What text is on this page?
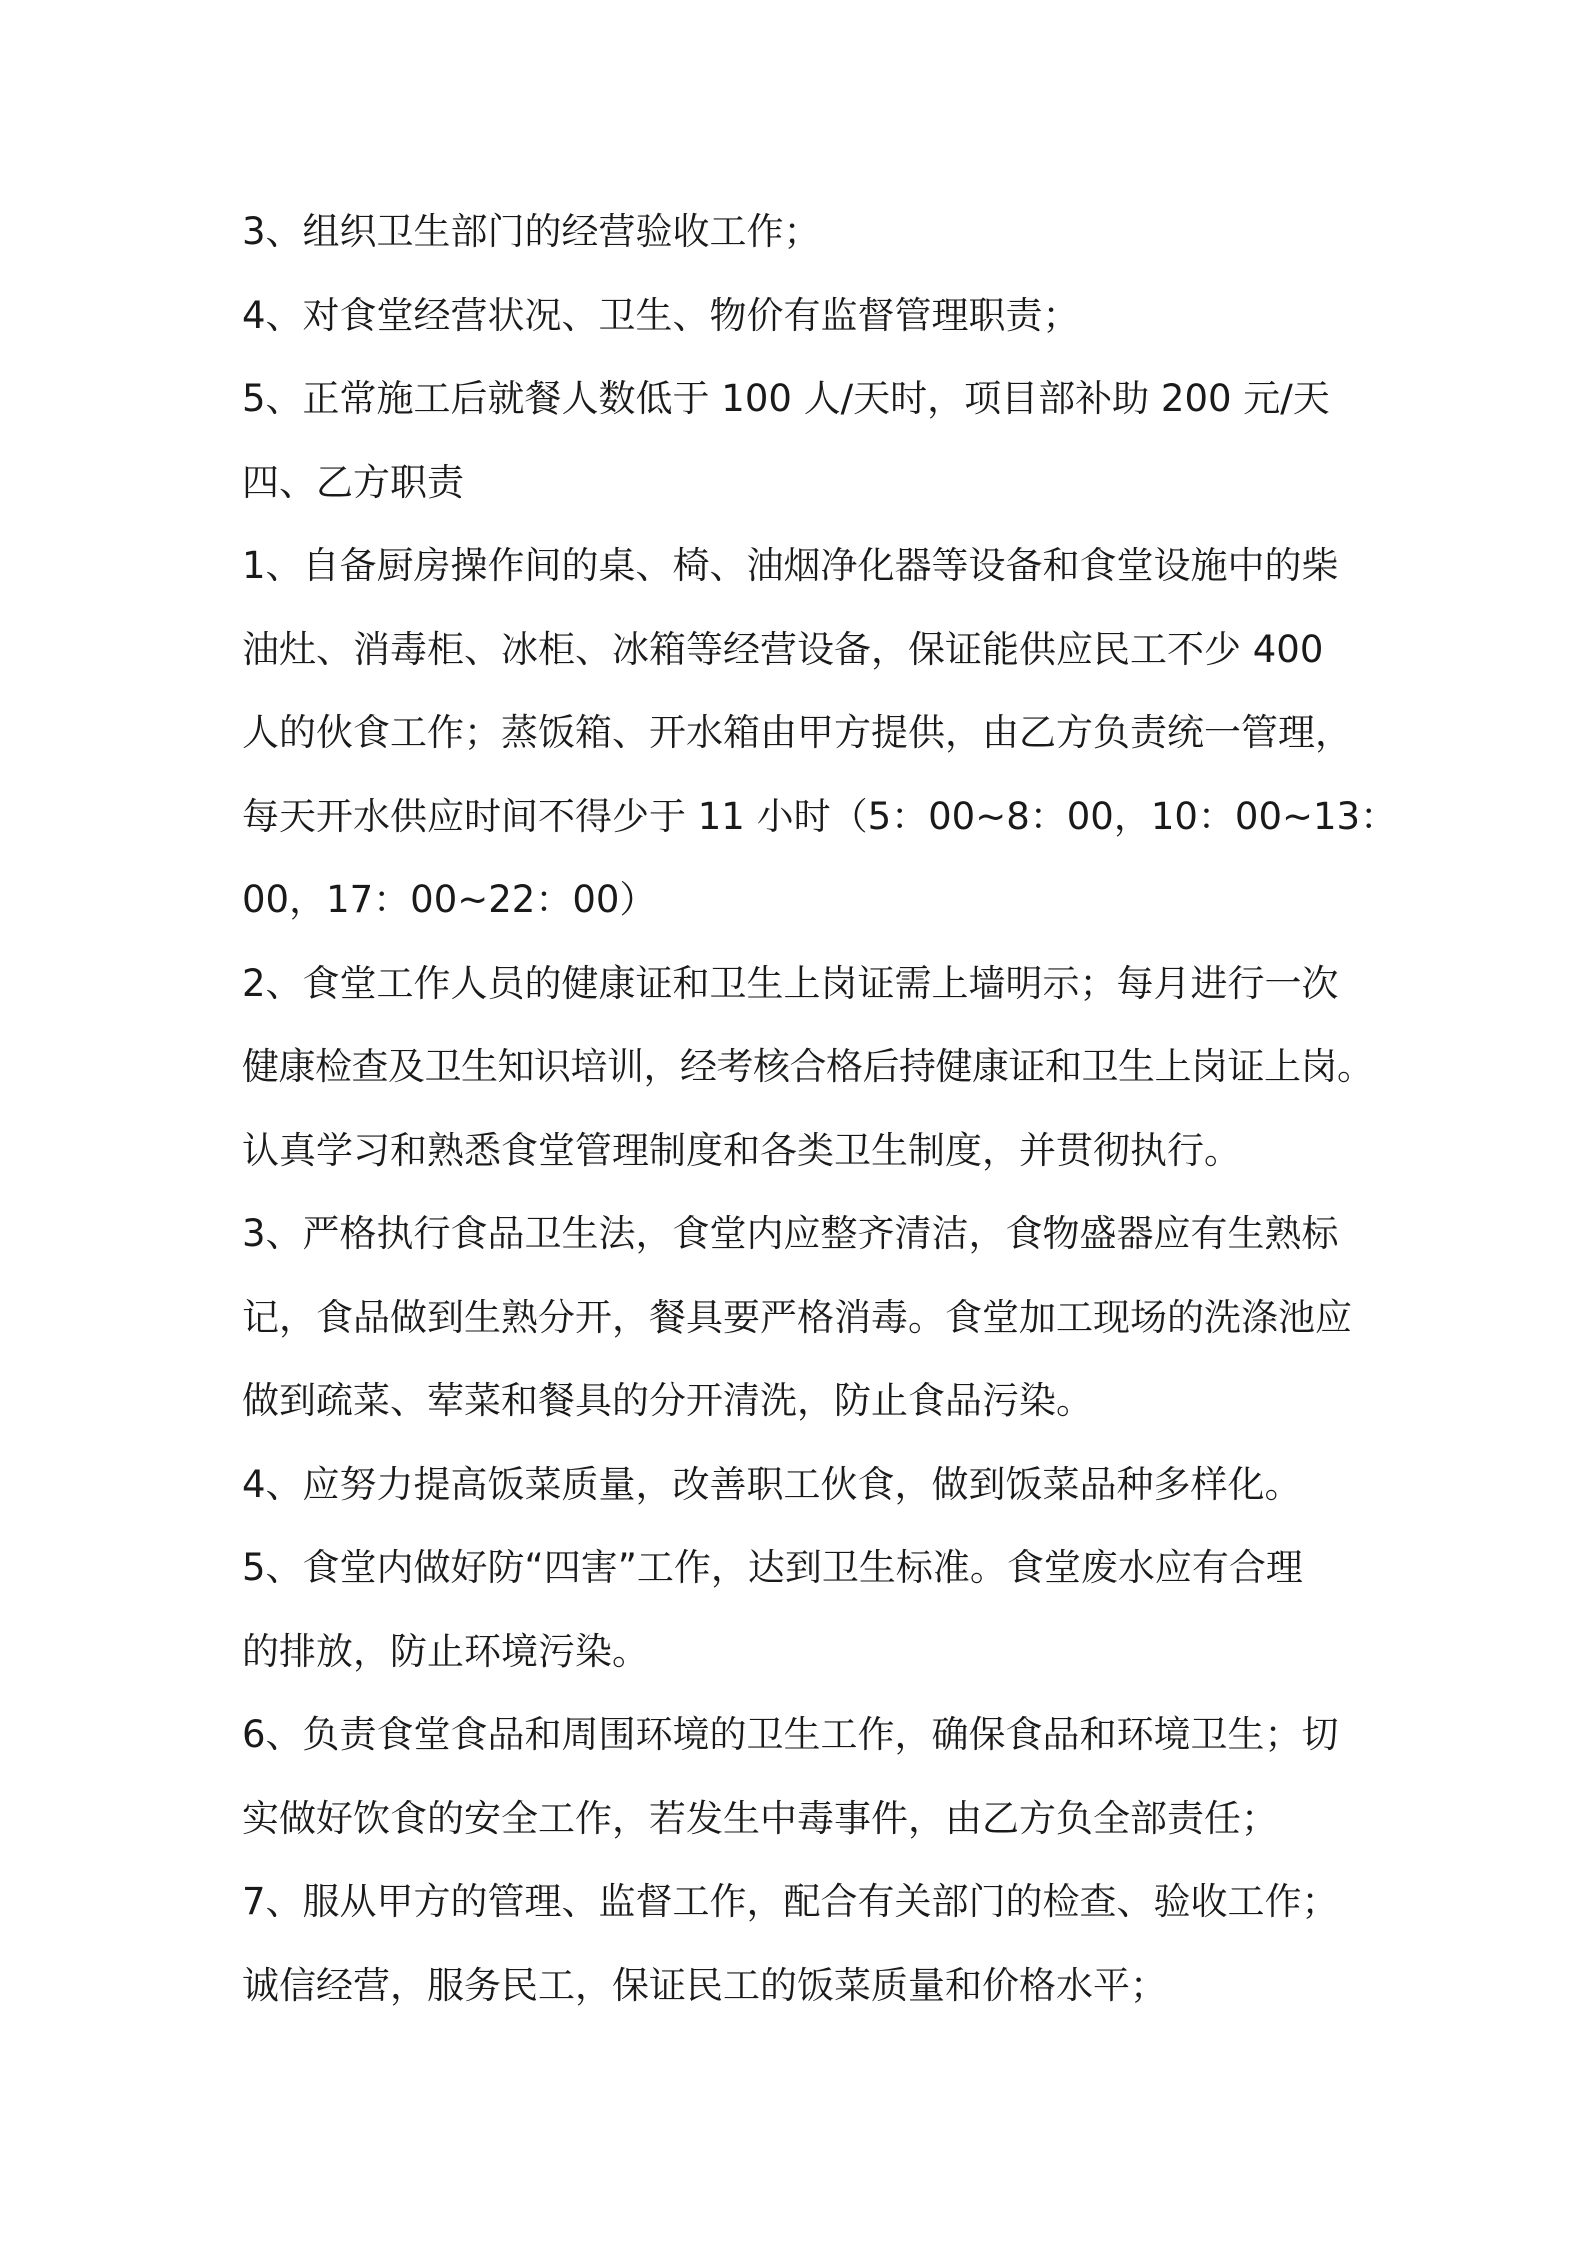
3、组织卫生部门的经营验收工作；
4、对食堂经营状况、卫生、物价有监督管理职责；
5、正常施工后就餐人数低于 100 人/天时，项目部补助 200 元/天
四、乙方职责
1、自备厨房操作间的桌、椅、油烟净化器等设备和食堂设施中的柴
油灶、消毒柜、冰柜、冰箱等经营设备，保证能供应民工不少 400
人的伙食工作；蒸饭箱、开水箱由甲方提供，由乙方负责统一管理，
每天开水供应时间不得少于 11 小时（5：00~8：00，10：00~13：
00，17：00~22：00）
2、食堂工作人员的健康证和卫生上岗证需上墙明示；每月进行一次
健康检查及卫生知识培训，经考核合格后持健康证和卫生上岗证上岗。
认真学习和熟悉食堂管理制度和各类卫生制度，并贯彻执行。
3、严格执行食品卫生法，食堂内应整齐清洁，食物盛器应有生熟标
记，食品做到生熟分开，餐具要严格消毒。食堂加工现场的洗涤池应
做到疏菜、荤菜和餐具的分开清洗，防止食品污染。
4、应努力提高饭菜质量，改善职工伙食，做到饭菜品种多样化。
5、食堂内做好防“四害”工作，达到卫生标准。食堂废水应有合理
的排放，防止环境污染。
6、负责食堂食品和周围环境的卫生工作，确保食品和环境卫生；切
实做好饮食的安全工作，若发生中毒事件，由乙方负全部责任；
7、服从甲方的管理、监督工作，配合有关部门的检查、验收工作；
诚信经营，服务民工，保证民工的饭菜质量和价格水平；
